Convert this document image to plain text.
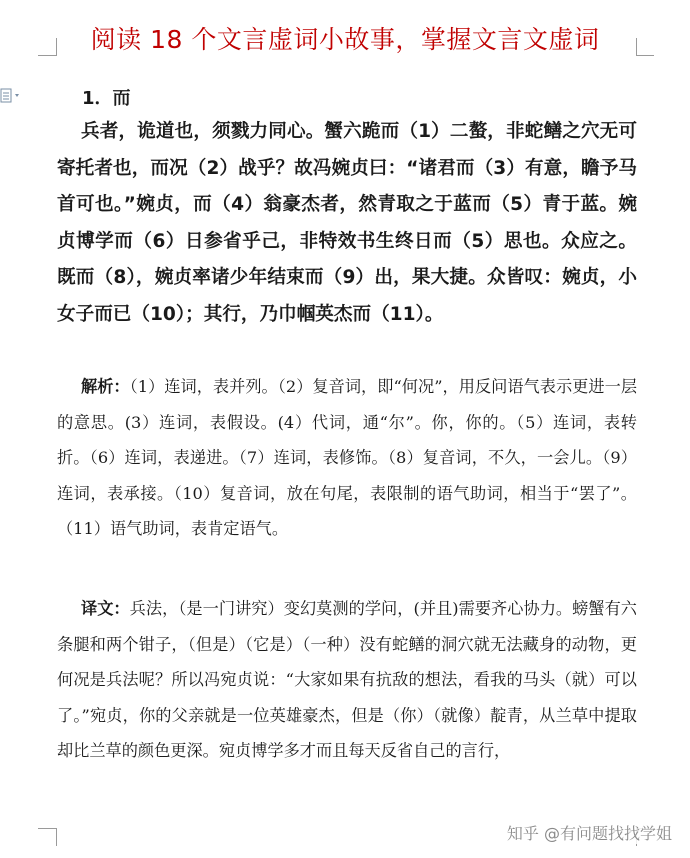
阅读 18 个文言虚词小故事，掌握文言文虚词
1．而

兵者，诡道也，须戮力同心。蟹六跪而（1）二螯，非蛇鳝之穴无可寄托者也，而况（2）战乎？故冯婉贞曰：“诸君而（3）有意，瞻予马首可也。”婉贞，而（4）翁豪杰者，然青取之于蓝而（5）青于蓝。婉贞博学而（6）日参省乎己，非特效书生终日而（5）思也。众应之。既而（8），婉贞率诸少年结束而（9）出，果大捷。众皆叹：婉贞，小女子而已（10）；其行，乃巾帼英杰而（11）。

解析：（1）连词，表并列。（2）复音词，即“何况”，用反问语气表示更进一层的意思。(3）连词，表假设。(4）代词，通“尔”。你，你的。（5）连词，表转折。（6）连词，表递进。（7）连词，表修饰。（8）复音词，不久，一会儿。（9）连词，表承接。（10）复音词，放在句尾，表限制的语气助词，相当于“罢了”。（11）语气助词，表肯定语气。

译文：兵法，（是一门讲究）变幻莫测的学问，(并且)需要齐心协力。螃蟹有六条腿和两个钳子，（但是）（它是）（一种）没有蛇鳝的洞穴就无法藏身的动物，更何况是兵法呢？所以冯宛贞说：“大家如果有抗敌的想法，看我的马头（就）可以了。”宛贞，你的父亲就是一位英雄豪杰，但是（你）（就像）靛青，从兰草中提取却比兰草的颜色更深。宛贞博学多才而且每天反省自己的言行，

知乎 @有问题找找学姐
